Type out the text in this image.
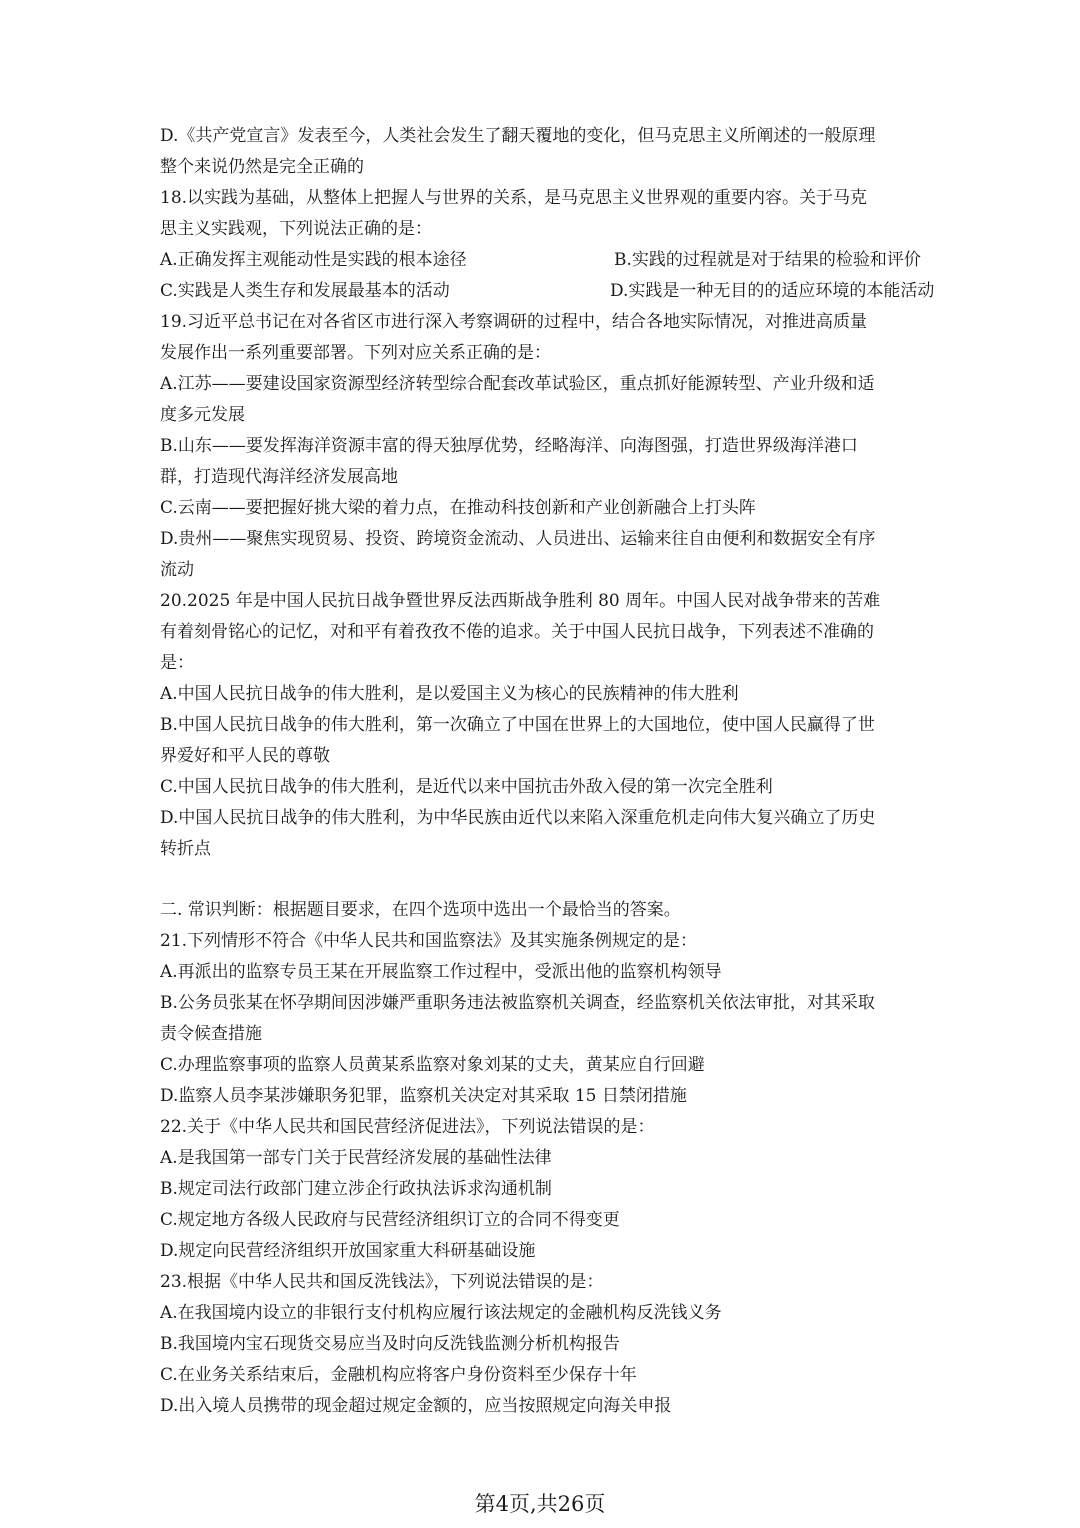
D.《共产党宣言》发表至今，人类社会发生了翻天覆地的变化，但马克思主义所阐述的一般原理
整个来说仍然是完全正确的
18.以实践为基础，从整体上把握人与世界的关系，是马克思主义世界观的重要内容。关于马克
思主义实践观，下列说法正确的是：
A.正确发挥主观能动性是实践的根本途径	B.实践的过程就是对于结果的检验和评价
C.实践是人类生存和发展最基本的活动	D.实践是一种无目的的适应环境的本能活动
19.习近平总书记在对各省区市进行深入考察调研的过程中，结合各地实际情况，对推进高质量
发展作出一系列重要部署。下列对应关系正确的是：
A.江苏——要建设国家资源型经济转型综合配套改革试验区，重点抓好能源转型、产业升级和适
度多元发展
B.山东——要发挥海洋资源丰富的得天独厚优势，经略海洋、向海图强，打造世界级海洋港口
群，打造现代海洋经济发展高地
C.云南——要把握好挑大梁的着力点，在推动科技创新和产业创新融合上打头阵
D.贵州——聚焦实现贸易、投资、跨境资金流动、人员进出、运输来往自由便利和数据安全有序
流动
20.2025 年是中国人民抗日战争暨世界反法西斯战争胜利 80 周年。中国人民对战争带来的苦难
有着刻骨铭心的记忆，对和平有着孜孜不倦的追求。关于中国人民抗日战争，下列表述不准确的
是：
A.中国人民抗日战争的伟大胜利，是以爱国主义为核心的民族精神的伟大胜利
B.中国人民抗日战争的伟大胜利，第一次确立了中国在世界上的大国地位，使中国人民赢得了世
界爱好和平人民的尊敬
C.中国人民抗日战争的伟大胜利，是近代以来中国抗击外敌入侵的第一次完全胜利
D.中国人民抗日战争的伟大胜利，为中华民族由近代以来陷入深重危机走向伟大复兴确立了历史
转折点
二. 常识判断：根据题目要求，在四个选项中选出一个最恰当的答案。
21.下列情形不符合《中华人民共和国监察法》及其实施条例规定的是：
A.再派出的监察专员王某在开展监察工作过程中，受派出他的监察机构领导
B.公务员张某在怀孕期间因涉嫌严重职务违法被监察机关调查，经监察机关依法审批，对其采取
责令候查措施
C.办理监察事项的监察人员黄某系监察对象刘某的丈夫，黄某应自行回避
D.监察人员李某涉嫌职务犯罪，监察机关决定对其采取 15 日禁闭措施
22.关于《中华人民共和国民营经济促进法》，下列说法错误的是：
A.是我国第一部专门关于民营经济发展的基础性法律
B.规定司法行政部门建立涉企行政执法诉求沟通机制
C.规定地方各级人民政府与民营经济组织订立的合同不得变更
D.规定向民营经济组织开放国家重大科研基础设施
23.根据《中华人民共和国反洗钱法》，下列说法错误的是：
A.在我国境内设立的非银行支付机构应履行该法规定的金融机构反洗钱义务
B.我国境内宝石现货交易应当及时向反洗钱监测分析机构报告
C.在业务关系结束后，金融机构应将客户身份资料至少保存十年
D.出入境人员携带的现金超过规定金额的，应当按照规定向海关申报
第4页,共26页
